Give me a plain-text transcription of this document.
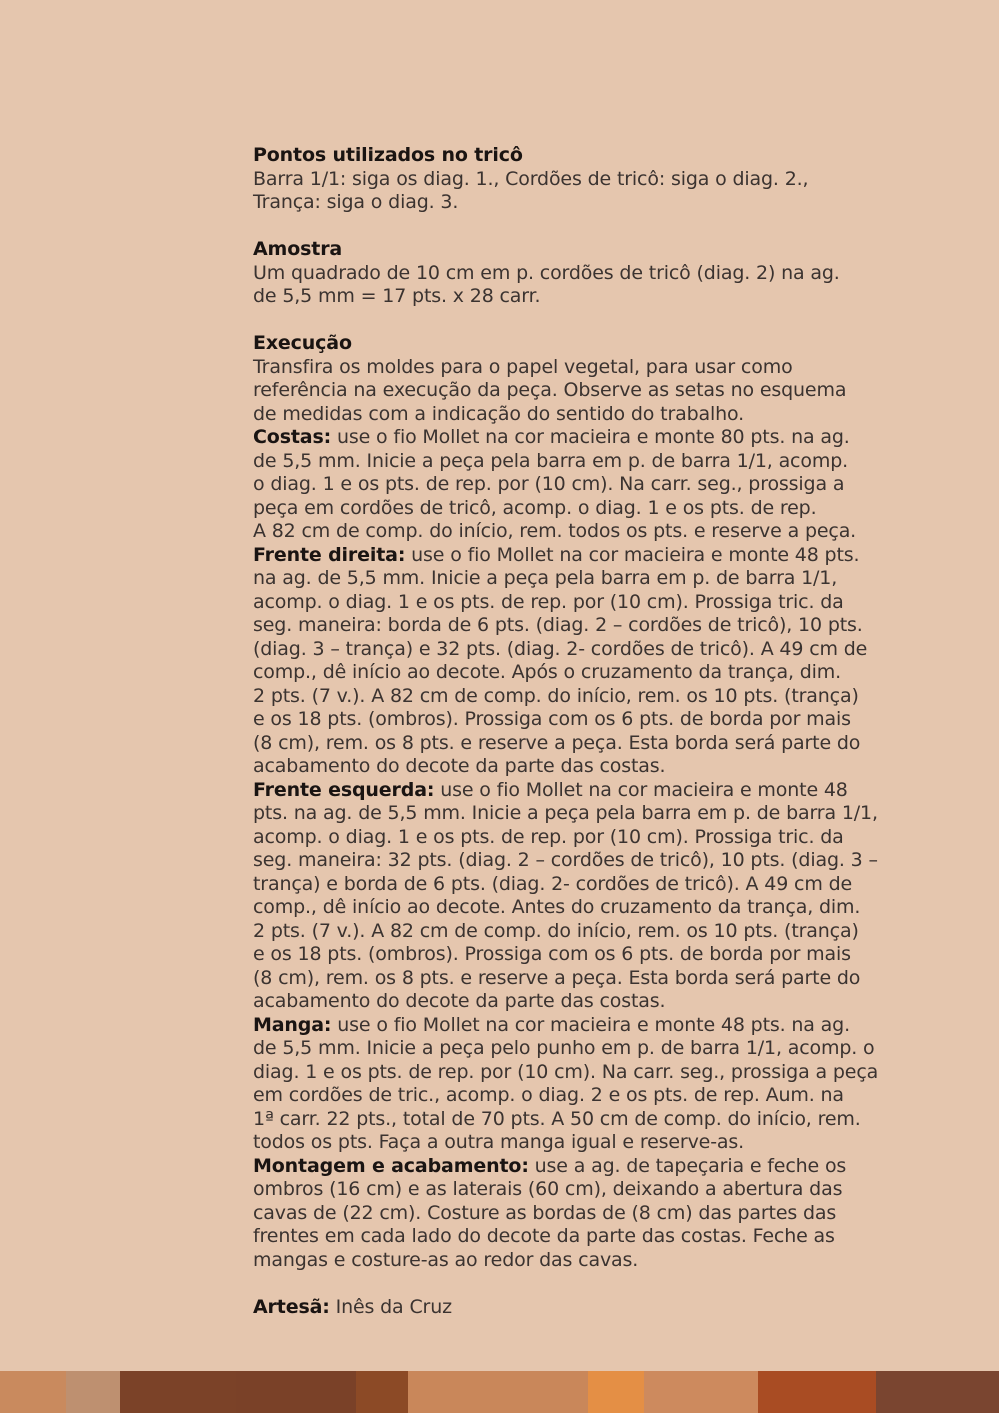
Pontos utilizados no tricô
Barra 1/1: siga os diag. 1., Cordões de tricô: siga o diag. 2.,
Trança: siga o diag. 3.
Amostra
Um quadrado de 10 cm em p. cordões de tricô (diag. 2) na ag.
de 5,5 mm = 17 pts. x 28 carr.
Execução
Transfira os moldes para o papel vegetal, para usar como
referência na execução da peça. Observe as setas no esquema
de medidas com a indicação do sentido do trabalho.
Costas: use o fio Mollet na cor macieira e monte 80 pts. na ag.
de 5,5 mm. Inicie a peça pela barra em p. de barra 1/1, acomp.
o diag. 1 e os pts. de rep. por (10 cm). Na carr. seg., prossiga a
peça em cordões de tricô, acomp. o diag. 1 e os pts. de rep.
A 82 cm de comp. do início, rem. todos os pts. e reserve a peça.
Frente direita: use o fio Mollet na cor macieira e monte 48 pts.
na ag. de 5,5 mm. Inicie a peça pela barra em p. de barra 1/1,
acomp. o diag. 1 e os pts. de rep. por (10 cm). Prossiga tric. da
seg. maneira: borda de 6 pts. (diag. 2 – cordões de tricô), 10 pts.
(diag. 3 – trança) e 32 pts. (diag. 2- cordões de tricô). A 49 cm de
comp., dê início ao decote. Após o cruzamento da trança, dim.
2 pts. (7 v.). A 82 cm de comp. do início, rem. os 10 pts. (trança)
e os 18 pts. (ombros). Prossiga com os 6 pts. de borda por mais
(8 cm), rem. os 8 pts. e reserve a peça. Esta borda será parte do
acabamento do decote da parte das costas.
Frente esquerda: use o fio Mollet na cor macieira e monte 48
pts. na ag. de 5,5 mm. Inicie a peça pela barra em p. de barra 1/1,
acomp. o diag. 1 e os pts. de rep. por (10 cm). Prossiga tric. da
seg. maneira: 32 pts. (diag. 2 – cordões de tricô), 10 pts. (diag. 3 –
trança) e borda de 6 pts. (diag. 2- cordões de tricô). A 49 cm de
comp., dê início ao decote. Antes do cruzamento da trança, dim.
2 pts. (7 v.). A 82 cm de comp. do início, rem. os 10 pts. (trança)
e os 18 pts. (ombros). Prossiga com os 6 pts. de borda por mais
(8 cm), rem. os 8 pts. e reserve a peça. Esta borda será parte do
acabamento do decote da parte das costas.
Manga: use o fio Mollet na cor macieira e monte 48 pts. na ag.
de 5,5 mm. Inicie a peça pelo punho em p. de barra 1/1, acomp. o
diag. 1 e os pts. de rep. por (10 cm). Na carr. seg., prossiga a peça
em cordões de tric., acomp. o diag. 2 e os pts. de rep. Aum. na
1ª carr. 22 pts., total de 70 pts. A 50 cm de comp. do início, rem.
todos os pts. Faça a outra manga igual e reserve-as.
Montagem e acabamento: use a ag. de tapeçaria e feche os
ombros (16 cm) e as laterais (60 cm), deixando a abertura das
cavas de (22 cm). Costure as bordas de (8 cm) das partes das
frentes em cada lado do decote da parte das costas. Feche as
mangas e costure-as ao redor das cavas.
Artesã: Inês da Cruz
